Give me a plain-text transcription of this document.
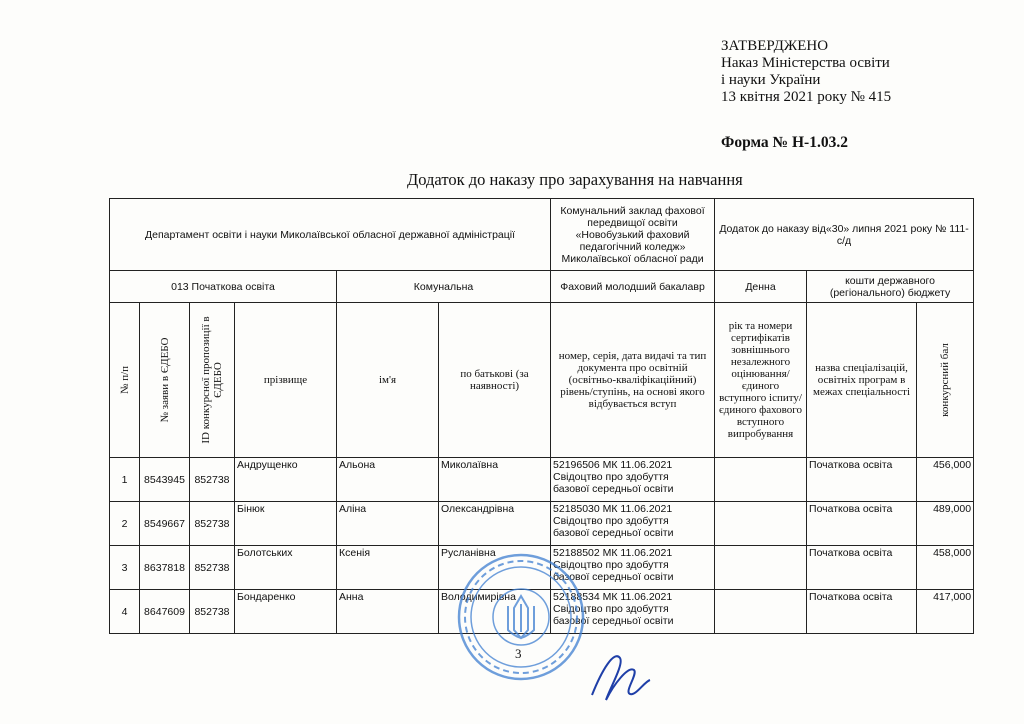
ЗАТВЕРДЖЕНО
Наказ Міністерства освіти
і науки України
13 квітня 2021 року № 415
Форма № Н-1.03.2
Додаток до наказу про зарахування на навчання
Департамент освіти і науки Миколаївської обласної державної адміністрації						Комунальний заклад фахової передвищої освіти «Новобузький фаховий педагогічний коледж» Миколаївської обласної ради	Додаток до наказу від«30» липня 2021 року № 111- с/д		
013 Початкова освіта				Комунальна		Фаховий молодший бакалавр	Денна	кошти державного (регіонального) бюджету	

№ п/п	№ заяви в ЄДЕБО	ID конкурсної пропозиції в ЄДЕБО	прізвище	ім'я	по батькові (за наявності)	номер, серія, дата видачі та тип документа про освітній (освітньо-кваліфікаційний) рівень/ступінь, на основі якого відбувається вступ	рік та номери сертифікатів зовнішнього незалежного оцінювання/ єдиного вступного іспиту/ єдиного фахового вступного випробування	назва спеціалізацій, освітніх програм в межах спеціальності	конкурсний бал

1	8543945	852738	Андрущенко	Альона	Миколаївна	52196506 МК 11.06.2021
Свідоцтво про здобуття
базової середньої освіти		Початкова освіта	456,000
2	8549667	852738	Бінюк	Аліна	Олександрівна	52185030 МК 11.06.2021
Свідоцтво про здобуття
базової середньої освіти		Початкова освіта	489,000
3	8637818	852738	Болотських	Ксенія	Русланівна	52188502 МК 11.06.2021
Свідоцтво про здобуття
базової середньої освіти		Початкова освіта	458,000
4	8647609	852738	Бондаренко	Анна	Володимирівна	52188534 МК 11.06.2021
Свідоцтво про здобуття
базової середньої освіти		Початкова освіта	417,000
3
